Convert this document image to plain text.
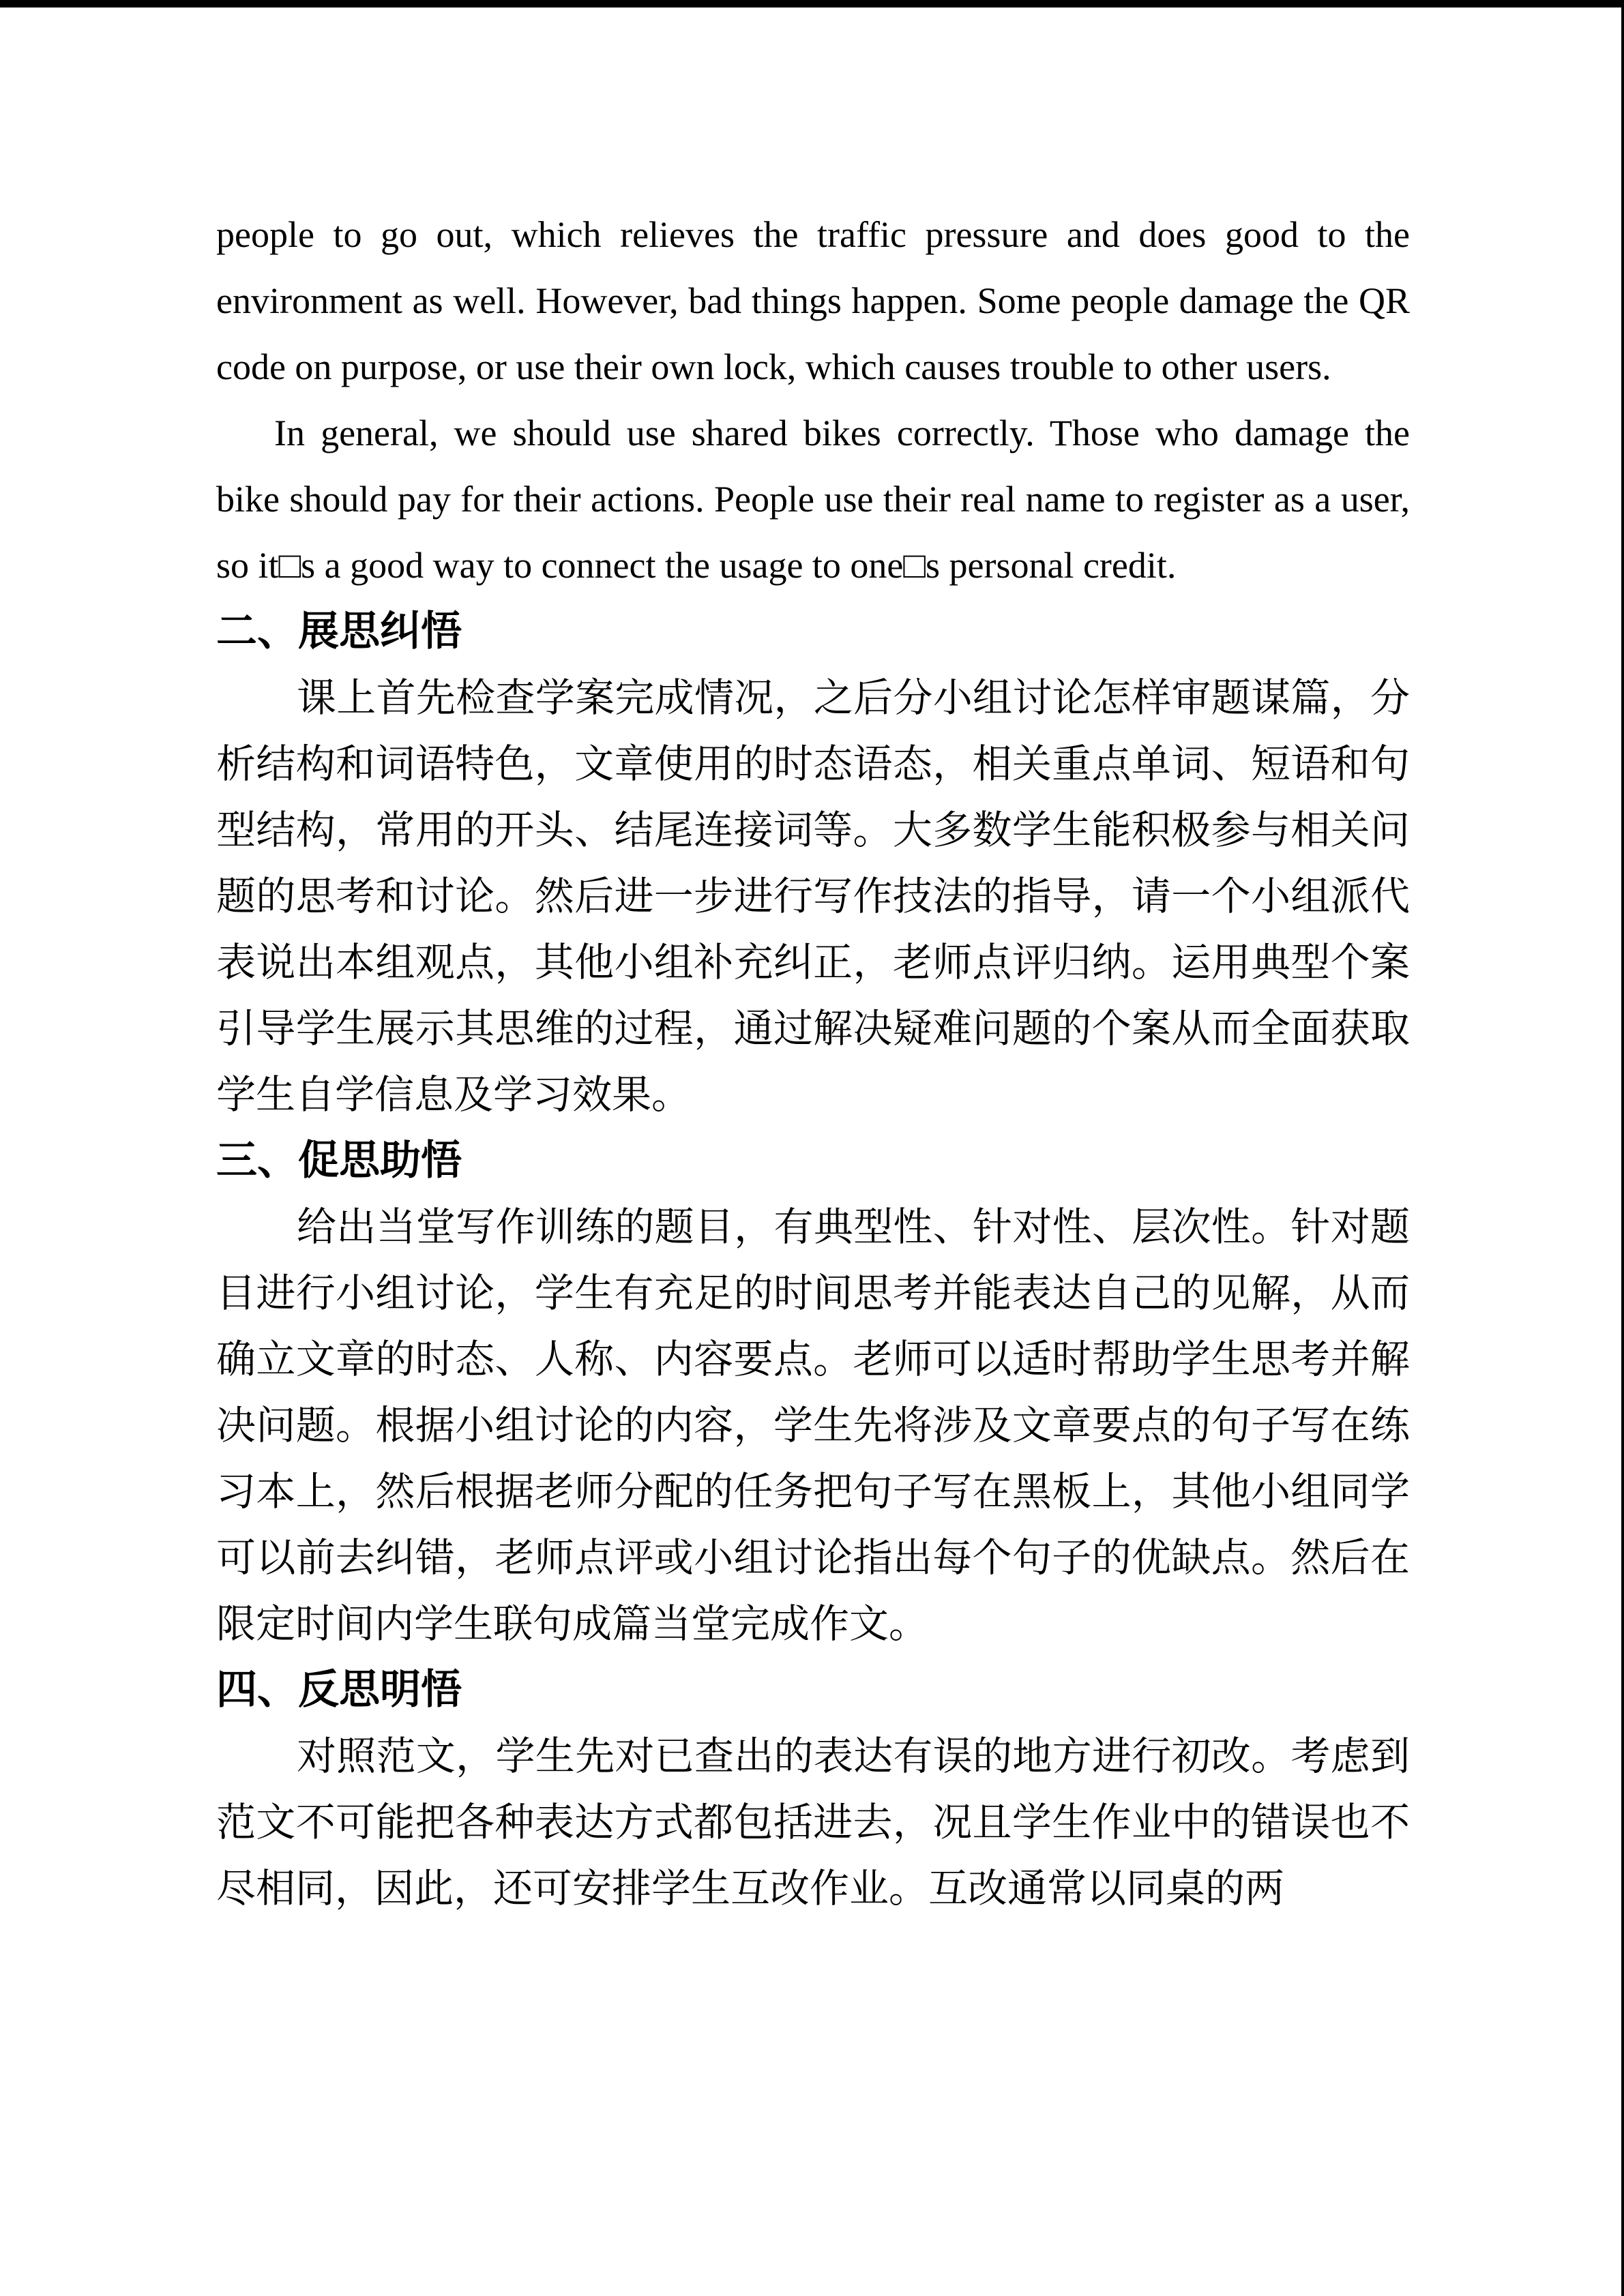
people to go out, which relieves the traffic pressure and does good to the environment as well. However, bad things happen. Some people damage the QR code on purpose, or use their own lock, which causes trouble to other users.

In general, we should use shared bikes correctly. Those who damage the bike should pay for their actions. People use their real name to register as a user, so it□s a good way to connect the usage to one□s personal credit.

二、展思纠悟

课上首先检查学案完成情况，之后分小组讨论怎样审题谋篇，分析结构和词语特色，文章使用的时态语态，相关重点单词、短语和句型结构，常用的开头、结尾连接词等。大多数学生能积极参与相关问题的思考和讨论。然后进一步进行写作技法的指导，请一个小组派代表说出本组观点，其他小组补充纠正，老师点评归纳。运用典型个案引导学生展示其思维的过程，通过解决疑难问题的个案从而全面获取学生自学信息及学习效果。

三、促思助悟

给出当堂写作训练的题目，有典型性、针对性、层次性。针对题目进行小组讨论，学生有充足的时间思考并能表达自己的见解，从而确立文章的时态、人称、内容要点。老师可以适时帮助学生思考并解决问题。根据小组讨论的内容，学生先将涉及文章要点的句子写在练习本上，然后根据老师分配的任务把句子写在黑板上，其他小组同学可以前去纠错，老师点评或小组讨论指出每个句子的优缺点。然后在限定时间内学生联句成篇当堂完成作文。

四、反思明悟

对照范文，学生先对已查出的表达有误的地方进行初改。考虑到范文不可能把各种表达方式都包括进去，况且学生作业中的错误也不尽相同，因此，还可安排学生互改作业。互改通常以同桌的两
